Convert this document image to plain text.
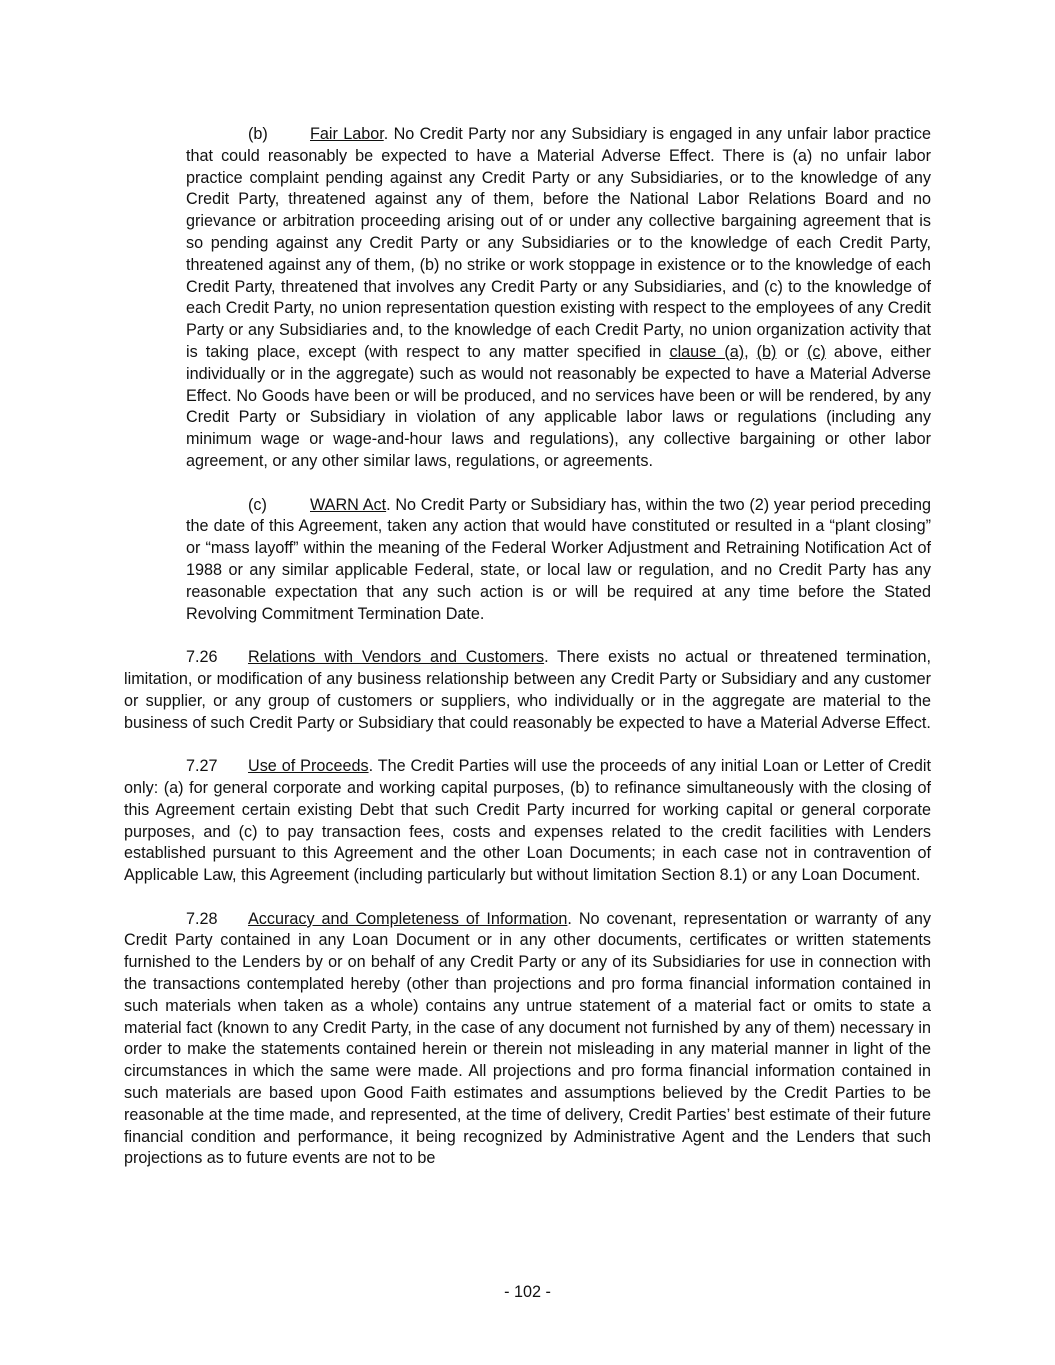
(b)	Fair Labor. No Credit Party nor any Subsidiary is engaged in any unfair labor practice that could reasonably be expected to have a Material Adverse Effect. There is (a) no unfair labor practice complaint pending against any Credit Party or any Subsidiaries, or to the knowledge of any Credit Party, threatened against any of them, before the National Labor Relations Board and no grievance or arbitration proceeding arising out of or under any collective bargaining agreement that is so pending against any Credit Party or any Subsidiaries or to the knowledge of each Credit Party, threatened against any of them, (b) no strike or work stoppage in existence or to the knowledge of each Credit Party, threatened that involves any Credit Party or any Subsidiaries, and (c) to the knowledge of each Credit Party, no union representation question existing with respect to the employees of any Credit Party or any Subsidiaries and, to the knowledge of each Credit Party, no union organization activity that is taking place, except (with respect to any matter specified in clause (a), (b) or (c) above, either individually or in the aggregate) such as would not reasonably be expected to have a Material Adverse Effect. No Goods have been or will be produced, and no services have been or will be rendered, by any Credit Party or Subsidiary in violation of any applicable labor laws or regulations (including any minimum wage or wage-and-hour laws and regulations), any collective bargaining or other labor agreement, or any other similar laws, regulations, or agreements.

(c)	WARN Act. No Credit Party or Subsidiary has, within the two (2) year period preceding the date of this Agreement, taken any action that would have constituted or resulted in a “plant closing” or “mass layoff” within the meaning of the Federal Worker Adjustment and Retraining Notification Act of 1988 or any similar applicable Federal, state, or local law or regulation, and no Credit Party has any reasonable expectation that any such action is or will be required at any time before the Stated Revolving Commitment Termination Date.

7.26 Relations with Vendors and Customers. There exists no actual or threatened termination, limitation, or modification of any business relationship between any Credit Party or Subsidiary and any customer or supplier, or any group of customers or suppliers, who individually or in the aggregate are material to the business of such Credit Party or Subsidiary that could reasonably be expected to have a Material Adverse Effect.

7.27 Use of Proceeds. The Credit Parties will use the proceeds of any initial Loan or Letter of Credit only: (a) for general corporate and working capital purposes, (b) to refinance simultaneously with the closing of this Agreement certain existing Debt that such Credit Party incurred for working capital or general corporate purposes, and (c) to pay transaction fees, costs and expenses related to the credit facilities with Lenders established pursuant to this Agreement and the other Loan Documents; in each case not in contravention of Applicable Law, this Agreement (including particularly but without limitation Section 8.1) or any Loan Document.

7.28 Accuracy and Completeness of Information. No covenant, representation or warranty of any Credit Party contained in any Loan Document or in any other documents, certificates or written statements furnished to the Lenders by or on behalf of any Credit Party or any of its Subsidiaries for use in connection with the transactions contemplated hereby (other than projections and pro forma financial information contained in such materials when taken as a whole) contains any untrue statement of a material fact or omits to state a material fact (known to any Credit Party, in the case of any document not furnished by any of them) necessary in order to make the statements contained herein or therein not misleading in any material manner in light of the circumstances in which the same were made. All projections and pro forma financial information contained in such materials are based upon Good Faith estimates and assumptions believed by the Credit Parties to be reasonable at the time made, and represented, at the time of delivery, Credit Parties’ best estimate of their future financial condition and performance, it being recognized by Administrative Agent and the Lenders that such projections as to future events are not to be

- 102 -
